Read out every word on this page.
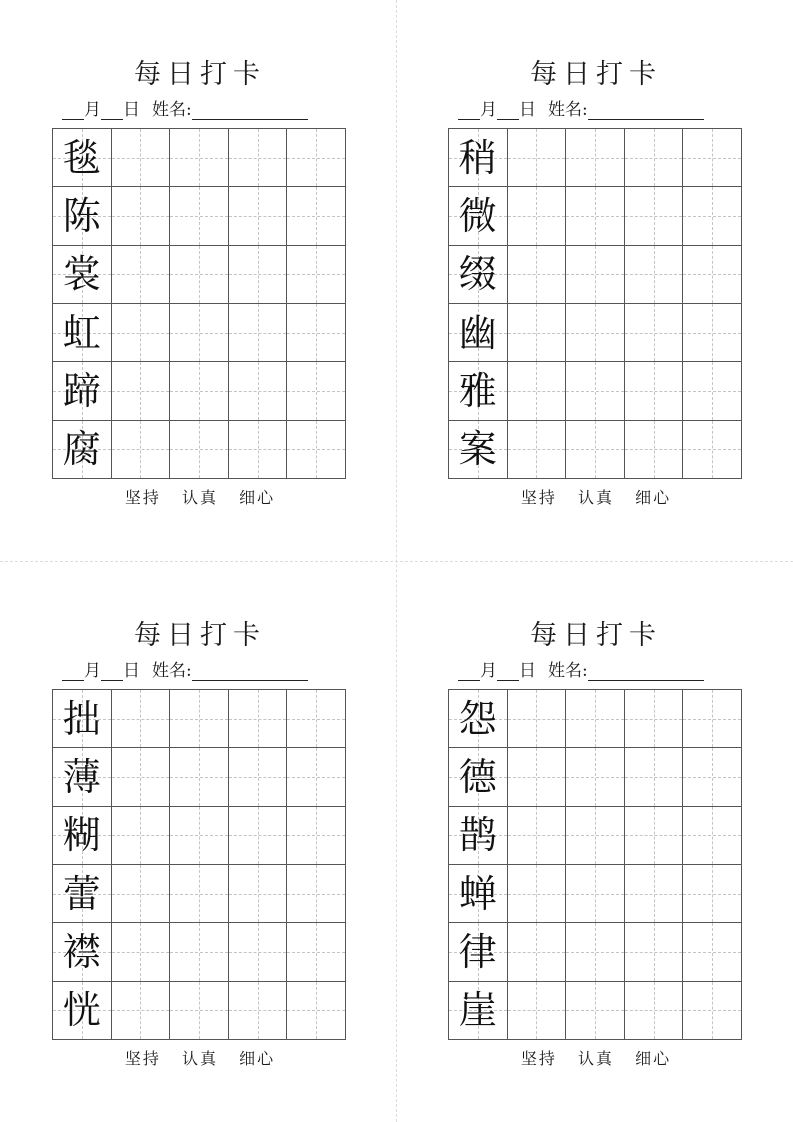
每日打卡
月 日 姓名:
毯
陈
裳
虹
蹄
腐
坚持 认真 细心
每日打卡
月 日 姓名:
稍
微
缀
幽
雅
案
坚持 认真 细心
每日打卡
月 日 姓名:
拙
薄
糊
蕾
襟
恍
坚持 认真 细心
每日打卡
月 日 姓名:
怨
德
鹊
蝉
律
崖
坚持 认真 细心
